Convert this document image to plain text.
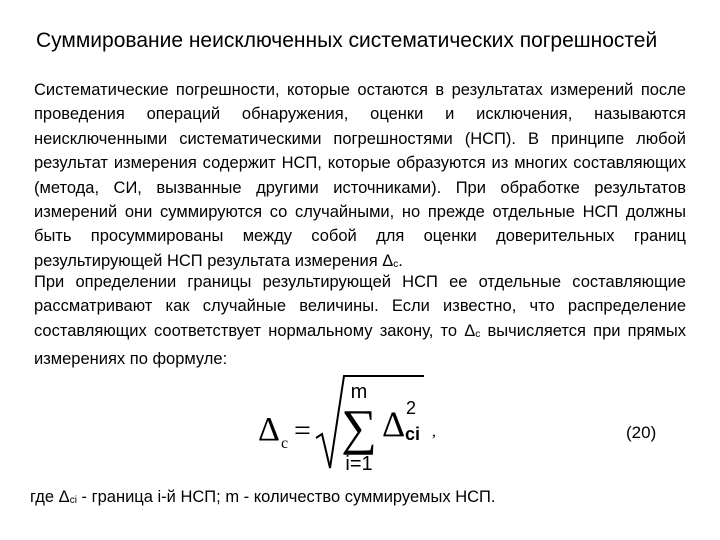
Суммирование неисключенных систематических погрешностей

Систематические погрешности, которые остаются в результатах измерений после проведения операций обнаружения, оценки и исключения, называются неисключенными систематическими погрешностями (НСП). В принципе любой результат измерения содержит НСП, которые образуются из многих составляющих (метода, СИ, вызванные другими источниками). При обработке результатов измерений они суммируются со случайными, но прежде отдельные НСП должны быть просуммированы между собой для оценки доверительных границ результирующей НСП результата измерения Δc.

При определении границы результирующей НСП ее отдельные составляющие рассматривают как случайные величины. Если известно, что распределение составляющих соответствует нормальному закону, то Δc вычисляется при прямых измерениях по формуле:

Δ c =
m
∑
i=1
Δ 2
ci ,	(20)
где Δci - граница i-й НСП; m - количество суммируемых НСП.
